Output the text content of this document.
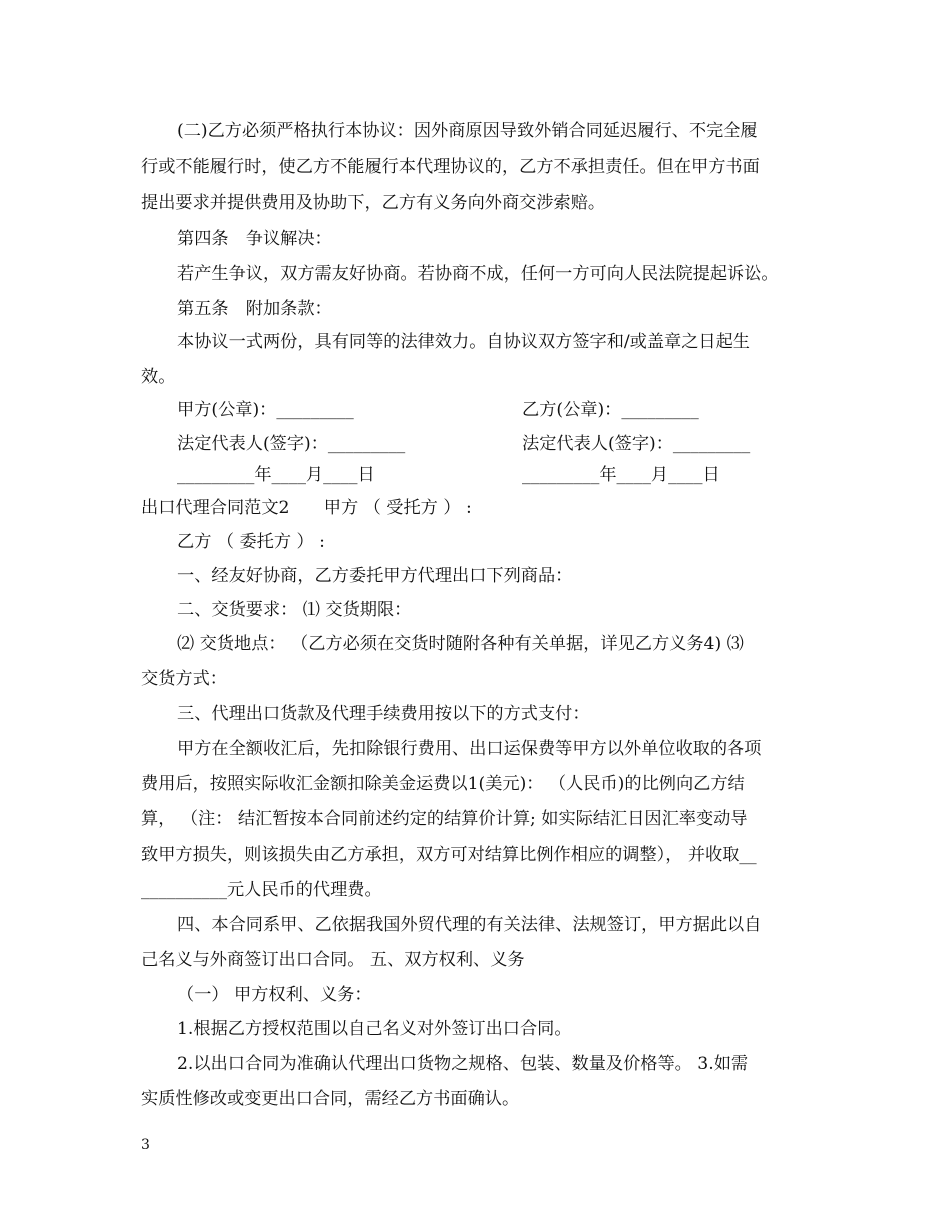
(二)乙方必须严格执行本协议：因外商原因导致外销合同延迟履行、不完全履
行或不能履行时，使乙方不能履行本代理协议的，乙方不承担责任。但在甲方书面
提出要求并提供费用及协助下，乙方有义务向外商交涉索赔。
第四条　争议解决：
若产生争议，双方需友好协商。若协商不成，任何一方可向人民法院提起诉讼。
第五条　附加条款：
本协议一式两份，具有同等的法律效力。自协议双方签字和/或盖章之日起生
效。
甲方(公章)：_________	乙方(公章)：_________
法定代表人(签字)：_________	法定代表人(签字)：_________
_________年____月____日	_________年____月____日
出口代理合同范文2　　甲方 （ 受托方 ） :
乙方 （ 委托方 ） :
一、经友好协商，乙方委托甲方代理出口下列商品：
二、交货要求： ⑴ 交货期限：
⑵ 交货地点： （乙方必须在交货时随附各种有关单据，详见乙方义务4) ⑶
交货方式：
三、代理出口货款及代理手续费用按以下的方式支付：
甲方在全额收汇后，先扣除银行费用、出口运保费等甲方以外单位收取的各项
费用后，按照实际收汇金额扣除美金运费以1(美元)： （人民币)的比例向乙方结
算， （注： 结汇暂按本合同前述约定的结算价计算; 如实际结汇日因汇率变动导
致甲方损失，则该损失由乙方承担，双方可对结算比例作相应的调整）， 并收取__
__________元人民币的代理费。
四、本合同系甲、乙依据我国外贸代理的有关法律、法规签订，甲方据此以自
己名义与外商签订出口合同。 五、双方权利、义务
（一） 甲方权利、义务：
1.根据乙方授权范围以自己名义对外签订出口合同。
2.以出口合同为准确认代理出口货物之规格、包装、数量及价格等。 3.如需
实质性修改或变更出口合同，需经乙方书面确认。
3
